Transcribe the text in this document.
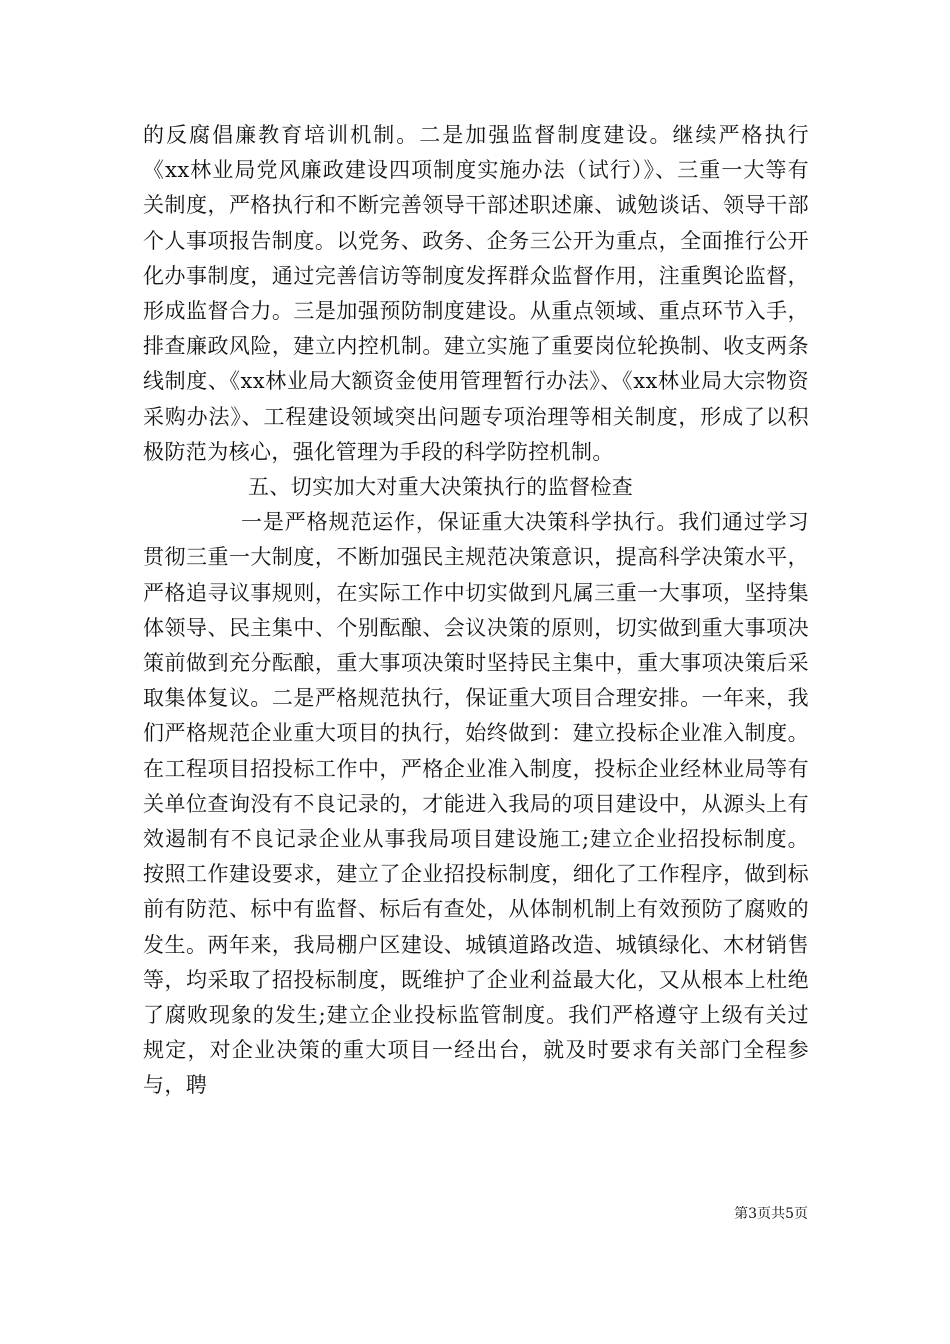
的反腐倡廉教育培训机制。二是加强监督制度建设。继续严格执行《xx林业局党风廉政建设四项制度实施办法（试行）》、三重一大等有关制度，严格执行和不断完善领导干部述职述廉、诚勉谈话、领导干部个人事项报告制度。以党务、政务、企务三公开为重点，全面推行公开化办事制度，通过完善信访等制度发挥群众监督作用，注重舆论监督，形成监督合力。三是加强预防制度建设。从重点领域、重点环节入手，排查廉政风险，建立内控机制。建立实施了重要岗位轮换制、收支两条线制度、《xx林业局大额资金使用管理暂行办法》、《xx林业局大宗物资采购办法》、工程建设领域突出问题专项治理等相关制度，形成了以积极防范为核心，强化管理为手段的科学防控机制。

五、切实加大对重大决策执行的监督检查

一是严格规范运作，保证重大决策科学执行。我们通过学习贯彻三重一大制度，不断加强民主规范决策意识，提高科学决策水平，严格追寻议事规则，在实际工作中切实做到凡属三重一大事项，坚持集体领导、民主集中、个别酝酿、会议决策的原则，切实做到重大事项决策前做到充分酝酿，重大事项决策时坚持民主集中，重大事项决策后采取集体复议。二是严格规范执行，保证重大项目合理安排。一年来，我们严格规范企业重大项目的执行，始终做到：建立投标企业准入制度。在工程项目招投标工作中，严格企业准入制度，投标企业经林业局等有关单位查询没有不良记录的，才能进入我局的项目建设中，从源头上有效遏制有不良记录企业从事我局项目建设施工;建立企业招投标制度。按照工作建设要求，建立了企业招投标制度，细化了工作程序，做到标前有防范、标中有监督、标后有查处，从体制机制上有效预防了腐败的发生。两年来，我局棚户区建设、城镇道路改造、城镇绿化、木材销售等，均采取了招投标制度，既维护了企业利益最大化，又从根本上杜绝了腐败现象的发生;建立企业投标监管制度。我们严格遵守上级有关过规定，对企业决策的重大项目一经出台，就及时要求有关部门全程参与，聘

第3页共5页
